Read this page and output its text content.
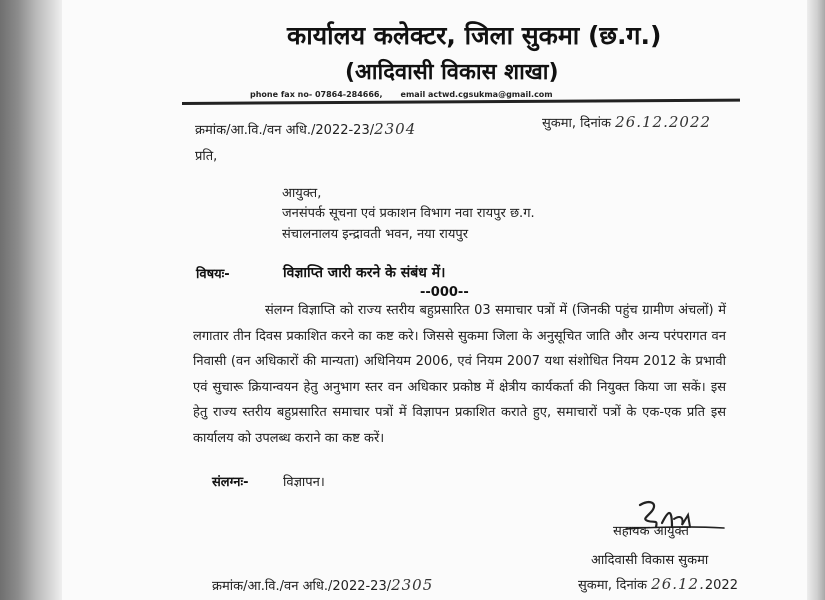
कार्यालय कलेक्टर, जिला सुकमा (छ.ग.)
(आदिवासी विकास शाखा)
phone fax no- 07864-284666, email actwd.cgsukma@gmail.com
क्रमांक/आ.वि./वन अधि./2022-23/2304	सुकमा, दिनांक 26.12.2022
प्रति,
आयुक्त,
जनसंपर्क सूचना एवं प्रकाशन विभाग नवा रायपुर छ.ग.
संचालनालय इन्द्रावती भवन, नया रायपुर
विषयः-	विज्ञाप्ति जारी करने के संबंध में।
--000--
संलग्न विज्ञाप्ति को राज्य स्तरीय बहुप्रसारित 03 समाचार पत्रों में (जिनकी पहुंच ग्रामीण अंचलों) में लगातार तीन दिवस प्रकाशित करने का कष्ट करे। जिससे सुकमा जिला के अनुसूचित जाति और अन्य परंपरागत वन निवासी (वन अधिकारों की मान्यता) अधिनियम 2006, एवं नियम 2007 यथा संशोधित नियम 2012 के प्रभावी एवं सुचारू क्रियान्वयन हेतु अनुभाग स्तर वन अधिकार प्रकोष्ठ में क्षेत्रीय कार्यकर्ता की नियुक्त किया जा सकें। इस हेतु राज्य स्तरीय बहुप्रसारित समाचार पत्रों में विज्ञापन प्रकाशित कराते हुए, समाचारों पत्रों के एक-एक प्रति इस कार्यालय को उपलब्ध कराने का कष्ट करें।
संलग्नः-	विज्ञापन।
सहायक आयुक्त
आदिवासी विकास सुकमा
क्रमांक/आ.वि./वन अधि./2022-23/2305	सुकमा, दिनांक 26.12.2022
